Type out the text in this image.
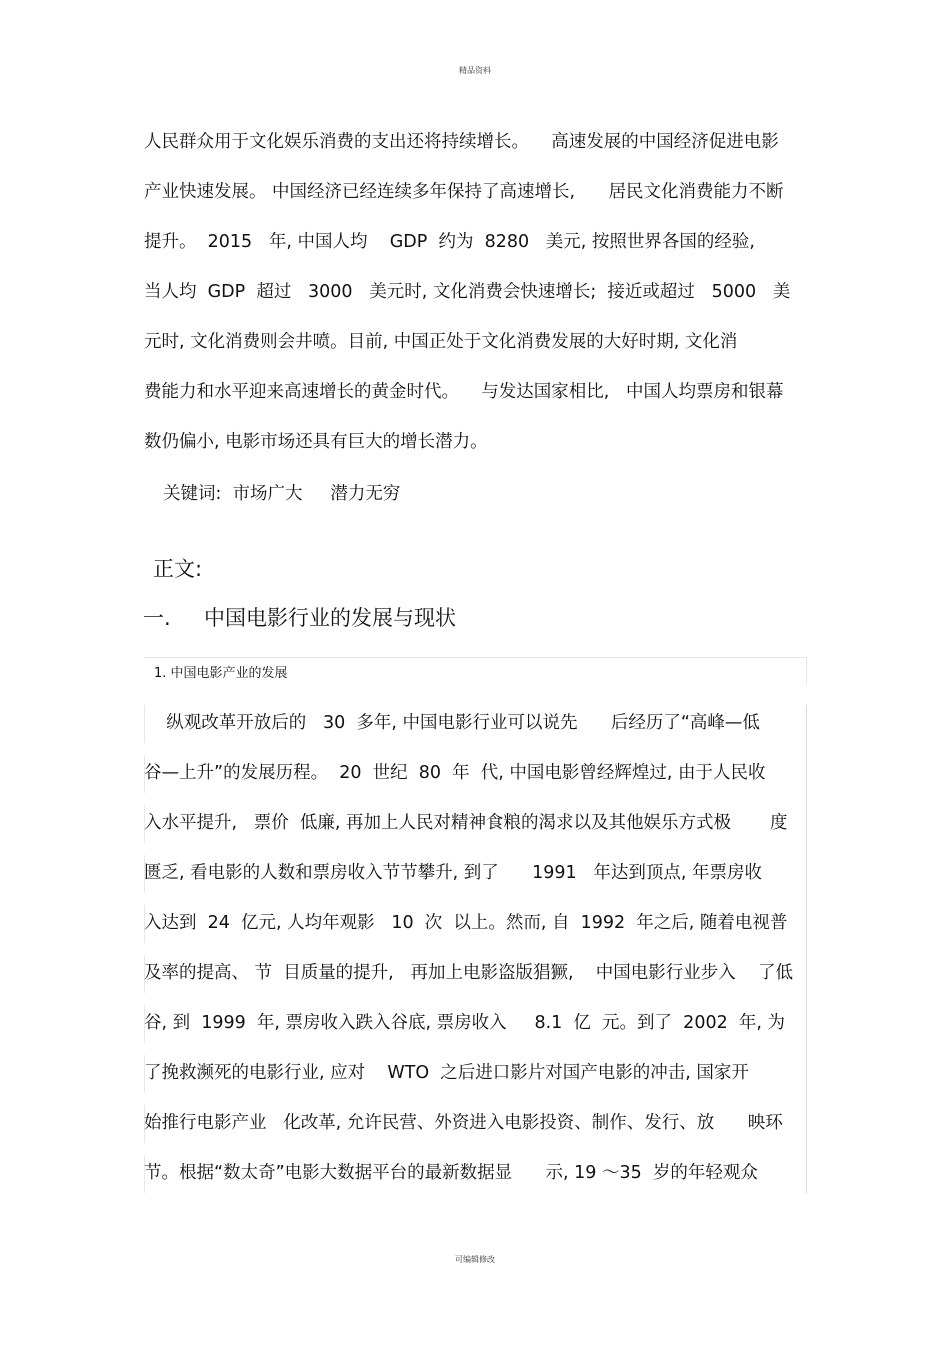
精品资料
人民群众用于文化娱乐消费的支出还将持续增长。    高速发展的中国经济促进电影
产业快速发展。 中国经济已经连续多年保持了高速增长,      居民文化消费能力不断
提升。  2015   年, 中国人均    GDP  约为  8280   美元, 按照世界各国的经验,
当人均  GDP  超过   3000   美元时, 文化消费会快速增长;  接近或超过   5000   美
元时, 文化消费则会井喷。目前, 中国正处于文化消费发展的大好时期, 文化消
费能力和水平迎来高速增长的黄金时代。    与发达国家相比,   中国人均票房和银幕
数仍偏小, 电影市场还具有巨大的增长潜力。
关键词:  市场广大     潜力无穷
正文:
一.     中国电影行业的发展与现状
1. 中国电影产业的发展
纵观改革开放后的   30  多年, 中国电影行业可以说先      后经历了“高峰—低
谷—上升”的发展历程。  20  世纪  80  年  代, 中国电影曾经辉煌过, 由于人民收
入水平提升,   票价  低廉, 再加上人民对精神食粮的渴求以及其他娱乐方式极       度
匮乏, 看电影的人数和票房收入节节攀升, 到了      1991   年达到顶点, 年票房收
入达到  24  亿元, 人均年观影   10  次  以上。然而, 自  1992  年之后, 随着电视普
及率的提高、 节  目质量的提升,   再加上电影盗版猖獗,    中国电影行业步入    了低
谷, 到  1999  年, 票房收入跌入谷底, 票房收入     8.1  亿  元。到了  2002  年, 为
了挽救濒死的电影行业, 应对    WTO  之后进口影片对国产电影的冲击, 国家开
始推行电影产业   化改革, 允许民营、外资进入电影投资、制作、发行、放      映环
节。根据“数太奇”电影大数据平台的最新数据显      示, 19 ～35  岁的年轻观众
可编辑修改
